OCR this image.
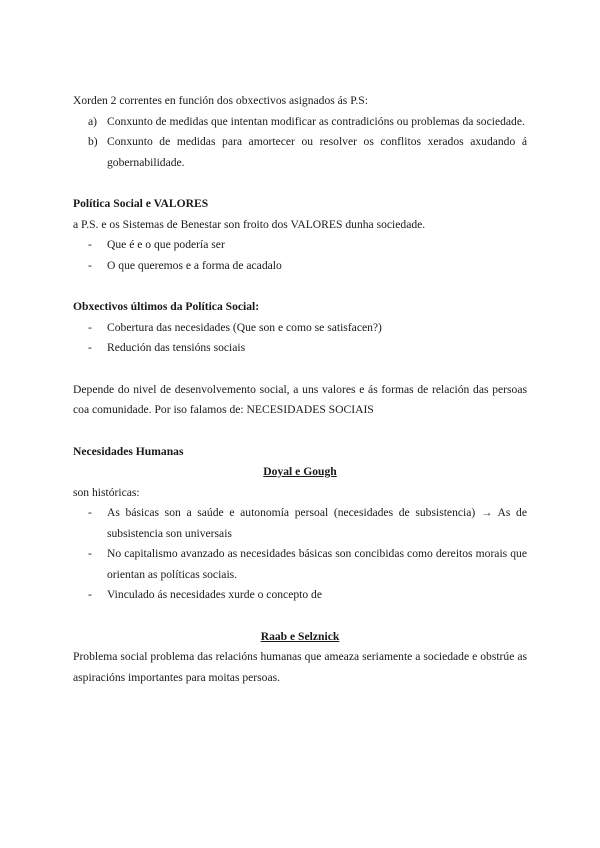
Xorden 2 correntes en función dos obxectivos asignados ás P.S:

a) Conxunto de medidas que intentan modificar as contradicións ou problemas da sociedade.
b) Conxunto de medidas para amortecer ou resolver os conflitos xerados axudando á gobernabilidade.

Política Social e VALORES

a P.S. e os Sistemas de Benestar son froito dos VALORES dunha sociedade.

- Que é e o que podería ser
- O que queremos e a forma de acadalo

Obxectivos últimos da Política Social:

- Cobertura das necesidades (Que son e como se satisfacen?)
- Redución das tensións sociais

Depende do nivel de desenvolvemento social, a uns valores e ás formas de relación das persoas coa comunidade. Por iso falamos de: NECESIDADES SOCIAIS

Necesidades Humanas

Doyal e Gough

son históricas:

- As básicas son a saúde e autonomía persoal (necesidades de subsistencia) → As de subsistencia son universais
- No capitalismo avanzado as necesidades básicas son concibidas como dereitos morais que orientan as políticas sociais.
- Vinculado ás necesidades xurde o concepto de

Raab e Selznick

Problema social problema das relacións humanas que ameaza seriamente a sociedade e obstrúe as aspiracións importantes para moitas persoas.
